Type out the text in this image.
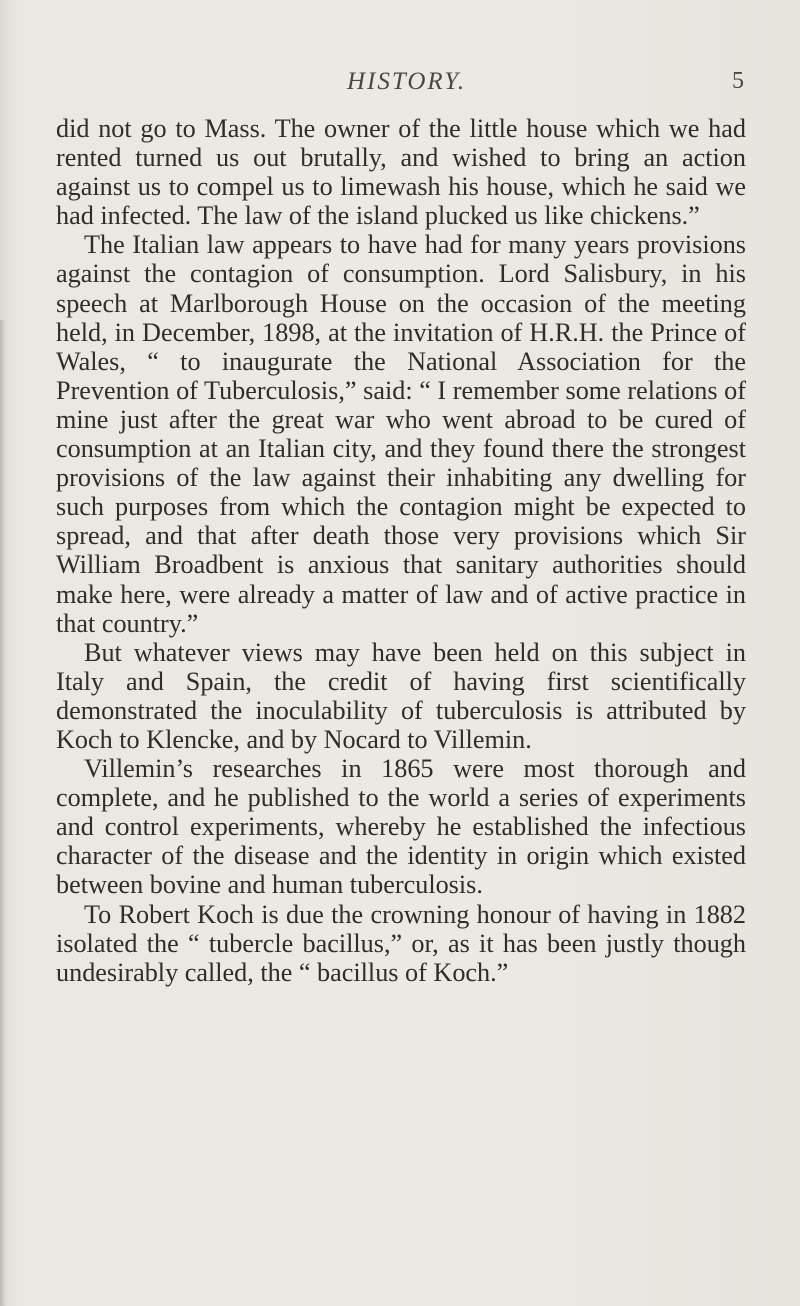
HISTORY.	5

did not go to Mass. The owner of the little house which we had rented turned us out brutally, and wished to bring an action against us to compel us to limewash his house, which he said we had infected. The law of the island plucked us like chickens.”

The Italian law appears to have had for many years provisions against the contagion of consumption. Lord Salisbury, in his speech at Marlborough House on the occasion of the meeting held, in December, 1898, at the invitation of H.R.H. the Prince of Wales, “ to inaugurate the National Association for the Prevention of Tuberculosis,” said: “ I remember some relations of mine just after the great war who went abroad to be cured of consumption at an Italian city, and they found there the strongest provisions of the law against their inhabiting any dwelling for such purposes from which the contagion might be expected to spread, and that after death those very provisions which Sir William Broadbent is anxious that sanitary authorities should make here, were already a matter of law and of active practice in that country.”

But whatever views may have been held on this subject in Italy and Spain, the credit of having first scientifically demonstrated the inoculability of tuberculosis is attributed by Koch to Klencke, and by Nocard to Villemin.

Villemin’s researches in 1865 were most thorough and complete, and he published to the world a series of experiments and control experiments, whereby he established the infectious character of the disease and the identity in origin which existed between bovine and human tuberculosis.

To Robert Koch is due the crowning honour of having in 1882 isolated the “ tubercle bacillus,” or, as it has been justly though undesirably called, the “ bacillus of Koch.”
